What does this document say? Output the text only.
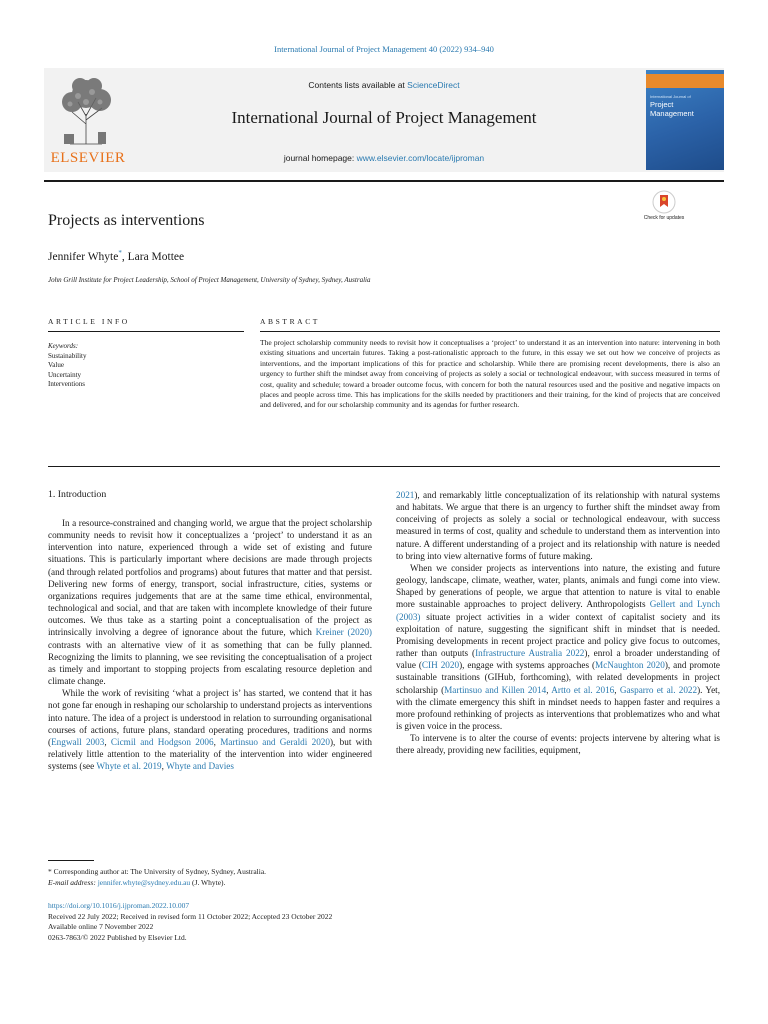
International Journal of Project Management 40 (2022) 934–940
ELSEVIER
Contents lists available at ScienceDirect
International Journal of Project Management
journal homepage: www.elsevier.com/locate/ijproman
International Journal of
Project
Management
Projects as interventions	Check for updates
Jennifer Whyte*, Lara Mottee
John Grill Institute for Project Leadership, School of Project Management, University of Sydney, Sydney, Australia
ARTICLE INFO	ABSTRACT
Keywords:
Sustainability
Value
Uncertainty
Interventions
The project scholarship community needs to revisit how it conceptualises a ‘project’ to understand it as an intervention into nature: intervening in both existing situations and uncertain futures. Taking a post-rationalistic approach to the future, in this essay we set out how we conceive of projects as interventions, and the important implications of this for practice and scholarship. While there are promising recent developments, there is also an urgency to further shift the mindset away from conceiving of projects as solely a social or technological endeavour, with success measured in terms of cost, quality and schedule; toward a broader outcome focus, with concern for both the natural resources used and the positive and negative impacts on places and people across time. This has implications for the skills needed by practitioners and their training, for the kind of projects that are conceived and delivered, and for our scholarship community and its agendas for further research.
1. Introduction

In a resource-constrained and changing world, we argue that the project scholarship community needs to revisit how it conceptualizes a ‘project’ to understand it as an intervention into nature, experienced through a wide set of existing and future situations. This is particularly important where decisions are made through projects (and through related portfolios and programs) about futures that matter and that persist. Delivering new forms of energy, transport, social infrastructure, cities, systems or organizations requires judgements that are at the same time ethical, environmental, technological and social, and that are taken with incomplete knowledge of their future outcomes. We thus take as a starting point a conceptualisation of the project as intrinsically involving a degree of ignorance about the future, which Kreiner (2020) contrasts with an alternative view of it as something that can be fully planned. Recognizing the limits to planning, we see revisiting the conceptualisation of a project as timely and important to stopping projects from escalating resource depletion and climate change.

While the work of revisiting ‘what a project is’ has started, we contend that it has not gone far enough in reshaping our scholarship to understand projects as interventions into nature. The idea of a project is understood in relation to surrounding organisational courses of actions, future plans, standard operating procedures, traditions and norms (Engwall 2003, Cicmil and Hodgson 2006, Martinsuo and Geraldi 2020), but with relatively little attention to the materiality of the intervention into wider engineered systems (see Whyte et al. 2019, Whyte and Davies

2021), and remarkably little conceptualization of its relationship with natural systems and habitats. We argue that there is an urgency to further shift the mindset away from conceiving of projects as solely a social or technological endeavour, with success measured in terms of cost, quality and schedule to understand them as intervention into nature. A different understanding of a project and its relationship with nature is needed to bring into view alternative forms of future making.

When we consider projects as interventions into nature, the existing and future geology, landscape, climate, weather, water, plants, animals and fungi come into view. Shaped by generations of people, we argue that attention to nature is vital to enable more sustainable approaches to project delivery. Anthropologists Gellert and Lynch (2003) situate project activities in a wider context of capitalist society and its exploitation of nature, suggesting the significant shift in mindset that is needed. Promising developments in recent project practice and policy give focus to outcomes, rather than outputs (Infrastructure Australia 2022), enrol a broader understanding of value (CIH 2020), engage with systems approaches (McNaughton 2020), and promote sustainable transitions (GIHub, forthcoming), with related developments in project scholarship (Martinsuo and Killen 2014, Artto et al. 2016, Gasparro et al. 2022). Yet, with the climate emergency this shift in mindset needs to happen faster and requires a more profound rethinking of projects as interventions that problematizes who and what is given voice in the process.

To intervene is to alter the course of events: projects intervene by altering what is there already, providing new facilities, equipment,

* Corresponding author at: The University of Sydney, Sydney, Australia.
E-mail address: jennifer.whyte@sydney.edu.au (J. Whyte).
https://doi.org/10.1016/j.ijproman.2022.10.007
Received 22 July 2022; Received in revised form 11 October 2022; Accepted 23 October 2022
Available online 7 November 2022
0263-7863/© 2022 Published by Elsevier Ltd.
